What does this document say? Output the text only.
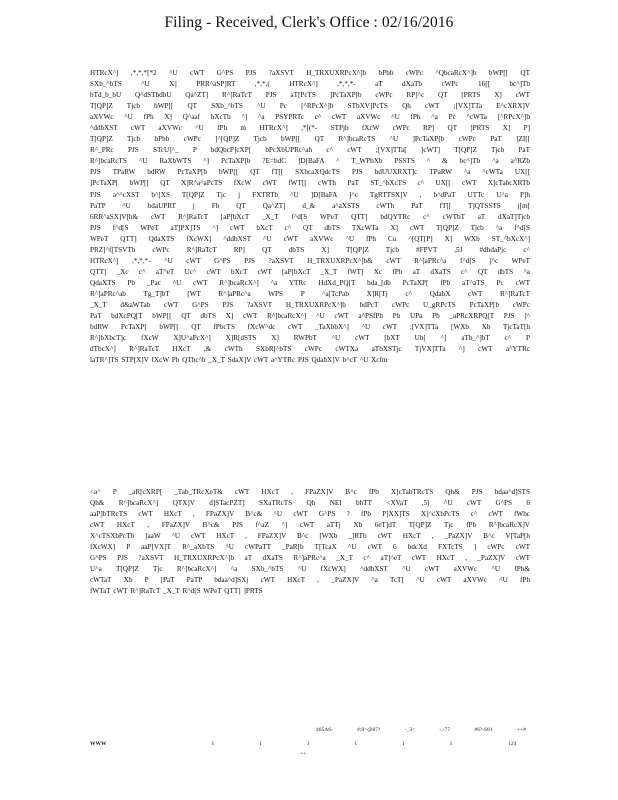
Filing - Received, Clerk's Office : 02/16/2016
HTRcX^] ,*,*,*[*2 ^U cWT G^PS PJS ?aXSVT H_TRXUXRPcX^]b bPbb cWPc ^QbcaRcX^]b bWP[[ QT
SXb_^bTS ^U X] PRR^aSP]RT ,*,*,( HTRcX^] ,*,*,*- aT dXaTb cWPc 16[[ bc^]Tb
bTd_b_bU Q^dSTbdbU Qa^ZT] R^]RaTcT PJS aT[PcTS ]PcTaXP[b cWPc RP]^c QT [PRTS X] cWT
T[QP]Z Tjcb bWP[[ QT SXb_^bTS ^U Pc [^RPcX^]b STbXV]PcTS Qh cWT ;[VX]TTa E^cXRX]V
aXVWc ^U fPh X] Q^aaf bXcTb ^] ^a PSYPRTc c^ cWT aXVWc ^U fPh ^a Pc ^cWTa [^RPcX^]b
^ddbXST cWT aXVWc ^U fPh m HTRcX^] ,*[(*- STPjb fXcW cWPc RP] QT ]PRTS X] P]
T[QP]Z Tjcb bPhb cWPc ]^[QP]Z Tjcb bWP[[ QT R^]bcaRcTS ^U ]PcTaXP[b cWPc PaT ]ZI[[
R^_PRc PJS STcU]^_ P bdQbcP]cXP[ bPcXbUPRc^ah c^ cWT ;[VX]TTa[ ]cWT] T[QP]Z Tjcb PaT
R^]bcaRcTS ^U RaXbWTS ^] PcTaXP[b ?E=bdC ]D[BaFA ^ T_WPbXb PSSTS ^ & bc^]Tb ^a a^RZb
PJS TPaRW bdRW PcTaXP[b bWP[[ QT fT[[ SXbcaXQdcTS PJS bdUUXRXT]c TPaRW ^a ^cWTa UX[[
]PcTaXP[ bWP[[ QT X]R^a^aPcTS fXcW cWT fWT[[ cWTh PaT ST_^bXcTS c^ UX[[ cWT X]cTabcXRTb
PJS a^^cXST b^[XS T[QP]Z Tjc j FXTRTb ^U ]D[BaFA ]^c TgRTTSX]V , b^dPaT UTTc U^a P]h
PaTP ^U bdaUPRT j Fb QT Qa^ZT] d_& a^aXSTS cWTh PaT fT[[ T]QTSSTS j[m[
6RR^aSX]V[h& cWT R^]RaTcT [aP[bXcT _X_T f^d[S WPeT QTT] bdQYTRc c^ cWTbT aT dXaT]Tjcb
PJS f^d[S WPeT aT]PX]TS ^] cWT bXcT c^ QT dbTS TXcWTa X] cWT T[QP]Z Tjcb ^a f^d[S
WPeT QTT] QdaXTS fXcWX] ^ddbXST ^U cWT aXVWc ^U fPh Cu ^[QT[P] X] WXb ST_^bXcX^]
PRZ]^f[TSVTb cWPc R^]RaTcT RP] QT dbTS X] T[QP]Z Tjcb #FPVT ,5J #dbdaPjc c^
HTRcX^] ,*,*,*- ^U cWT G^PS PJS ?aXSVT H_TRXUXRPcX^]b& cWT R^]aPRc^a f^d[S ]^c WPeT
QTT] _Xc c^ aT^eT Uc^ cWT bXcT cWT [aP[bXcT _X_T fWT] Xc fPb aT dXaTS c^ QT dbTS ^a
QdaXTS Pb _Pac ^U cWT R^]bcaRcX^] ^a YTRc HdXd_PQ[T bda_[db PcTaXP[ fPb aT^aTS Pc cWT
R^]aPRc^ab Tg_T]bT [WT R^]aPRc^a WPS P ^a[TcPab X]R[Tj c^ QdabX cWT R^]RaTcT
_X_T d&aWTab cWT G^PS PJS ?aXSVT H_TRXUXRPcX^]b bdPcT cWPc U_gRPcTS PcTaXP[b cWPc
PaT bdXcPQ[T bWP[[ QT dbTS X] cWT R^]bcaRcX^] ^U cWT a^PSfPh Pb UPa Pb _aPRcXRPQ[T PJS ]^
bdRW PcTaXP[ bWP[[ QT fPbcTS fXcW^dc cWT _TaXbbX^] ^U cWT ;[VX]TTa [WXb Xb TjcTaT[h
R^]bXbcT]c fXcW X]U^aPcX^] X]R[dSTS X] RWPbT ^U cWT [bXT Ub[ ^] aTb_^]bT c^ P
dTbcX^] R^]RaTcT HXcT ,& cWTh SXbR[^bTS cWPc cWTXa aTbXSTjc TjVX]TTa ^] cWT a^YTRc
laTR^]TS STP[X]V fXcW Pb QTbc^b _X_T SdaX]V cWT a^YTRc PJS QdabX]V b^cT ^U Xcfm
<a^ P _aR[cXRP[ _Tab_TRcXeT& cWT HXcT , FPaZX]V B^c fPb X]cTabTRcTS Qh& PJS bdaa^d]STS
Qh& R^]bcaRcX^] QTX]V d]STacPZT] SXaTRcTS Qh NEI bhTT <XVaT ,5] ^U cWT G^PS 6
aaP]bTRcTS cWT HXcT , FPaZX]V B^c& ^U cWT G^PS ? fPb P]XX]TS X]^cXbPcTS c^ cWT fWbc
cWT HXcT , FPaZX]V B^c& PJS f^aZ ^] cWT aTTj Xb 6eT]dT T[QP]Z Tjc fPb R^]bcaRcX]V
X^cTSXbPcTb ]aaW ^U cWT HXcT , FPaZX]V B^c [WXb _]RTb cWT HXcT , _PaZX]V B^c V[TaP[h
fXcWX] P aaP[VX]T R^_aXbTS ^U cWPaTT _PaR[b T[TcaX ^U cWT 6 bdcXd FXTcTS ] cWPc cWT
G^PS PJS ?aXSVT H_TRXUXRPcX^]b aT dXaTS R^]aPRc^a _X_T c^ aT]^eT cWT HXcT , _PaZX]V cWT
U^a T[QP]Z Tjc R^]bcaRcX^] ^a SXb_^bTS ^U fXcWX] ^ddbXST ^U cWT aXVWc ^U fPh&
cWTaT Xb P [PaT PaTP bdaa^d]SXj cWT HXcT , _PaZX]V ^a TcT[ ^U cWT aXVWc ^U fPh
fWTaT cWT R^]RaTcT _X_T R^d[S WPeT QTT] ]PRTS
465A6-	#:8>@87?	-_3<	-,-77	#6?-S81	++#
WWW	I	I	I	I	I	I	124
++
